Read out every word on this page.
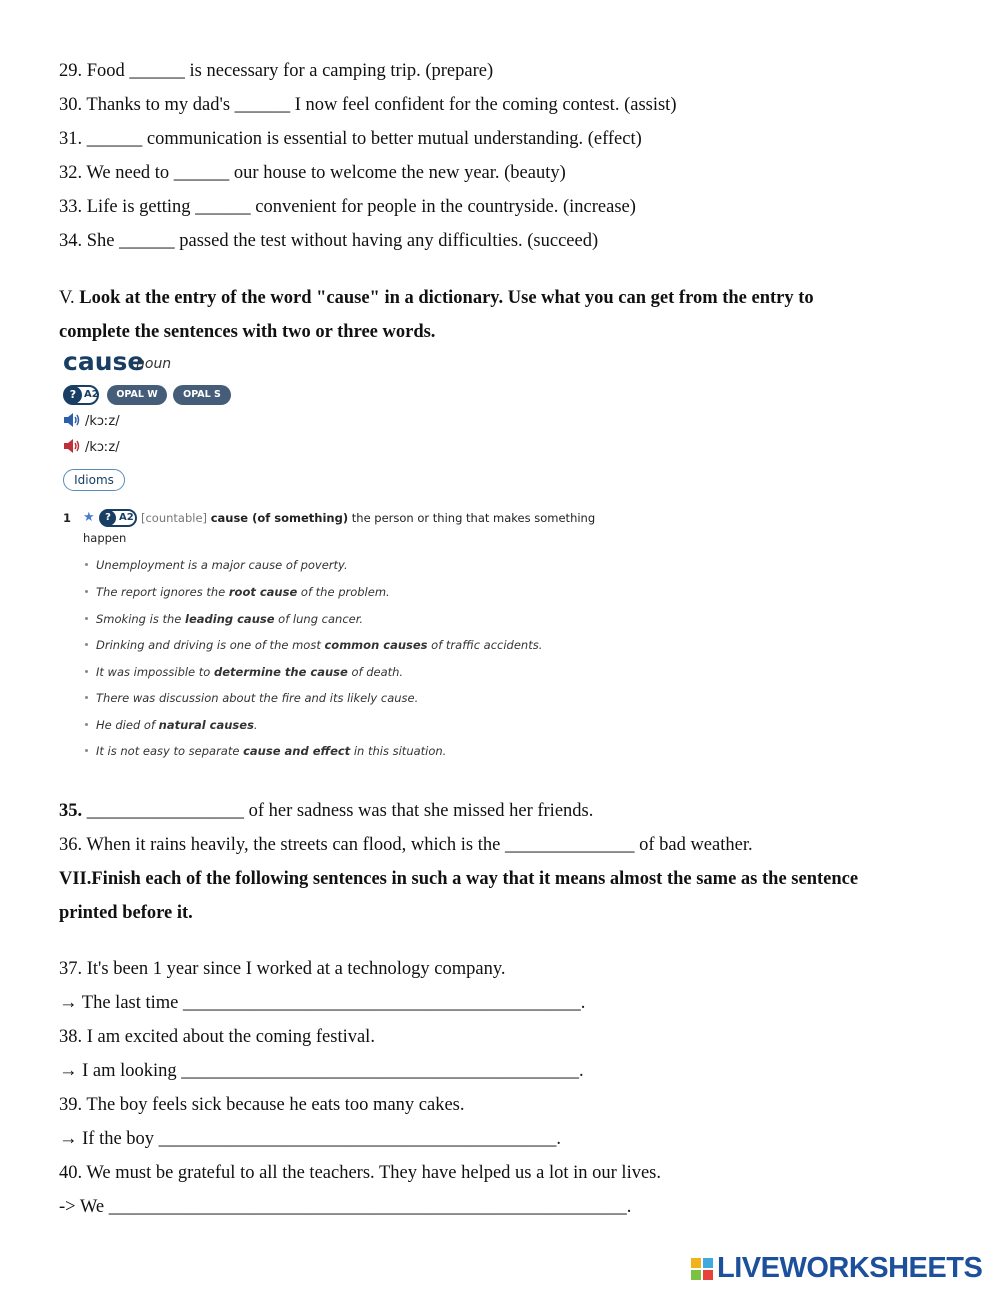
29. Food ______ is necessary for a camping trip. (prepare)

30. Thanks to my dad's ______ I now feel confident for the coming contest. (assist)

31. ______ communication is essential to better mutual understanding. (effect)

32. We need to ______ our house to welcome the new year. (beauty)

33. Life is getting ______ convenient for people in the countryside. (increase)

34. She ______ passed the test without having any difficulties. (succeed)

V. Look at the entry of the word "cause" in a dictionary. Use what you can get from the entry to

complete the sentences with two or three words.

cause
noun
? A2	OPAL W	OPAL S
/kɔːz/
/kɔːz/
Idioms
1 ★	? A2 [countable] cause (of something) the person or thing that makes something
happen
Unemployment is a major cause of poverty.
The report ignores the root cause of the problem.
Smoking is the leading cause of lung cancer.
Drinking and driving is one of the most common causes of traffic accidents.
It was impossible to determine the cause of death.
There was discussion about the fire and its likely cause.
He died of natural causes.
It is not easy to separate cause and effect in this situation.

35. _________________ of her sadness was that she missed her friends.

36. When it rains heavily, the streets can flood, which is the ______________ of bad weather.

VII.Finish each of the following sentences in such a way that it means almost the same as the sentence

printed before it.

37. It's been 1 year since I worked at a technology company.

→ The last time ___________________________________________.

38. I am excited about the coming festival.

→ I am looking ___________________________________________.

39. The boy feels sick because he eats too many cakes.

→ If the boy ___________________________________________.

40. We must be grateful to all the teachers. They have helped us a lot in our lives.

-> We ________________________________________________________.

LIVEWORKSHEETS
